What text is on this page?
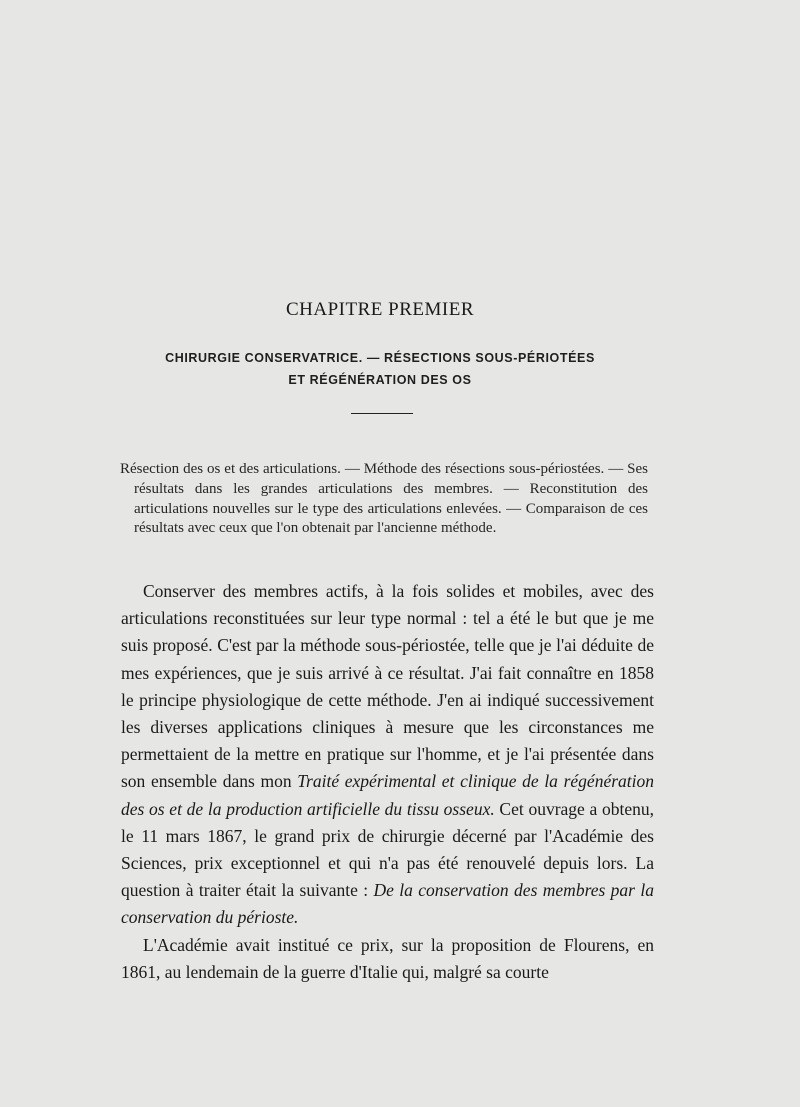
CHAPITRE PREMIER
CHIRURGIE CONSERVATRICE. — RÉSECTIONS SOUS-PÉRIOTÉES
ET RÉGÉNÉRATION DES OS

Résection des os et des articulations. — Méthode des résections sous-périostées. — Ses résultats dans les grandes articulations des membres. — Reconstitution des articulations nouvelles sur le type des articulations enlevées. — Comparaison de ces résultats avec ceux que l'on obtenait par l'ancienne méthode.

Conserver des membres actifs, à la fois solides et mobiles, avec des articulations reconstituées sur leur type normal : tel a été le but que je me suis proposé. C'est par la méthode sous-périostée, telle que je l'ai déduite de mes expériences, que je suis arrivé à ce résultat. J'ai fait connaître en 1858 le principe physiologique de cette méthode. J'en ai indiqué successivement les diverses applications cliniques à mesure que les circonstances me permettaient de la mettre en pratique sur l'homme, et je l'ai présentée dans son ensemble dans mon Traité expérimental et clinique de la régénération des os et de la production artificielle du tissu osseux. Cet ouvrage a obtenu, le 11 mars 1867, le grand prix de chirurgie décerné par l'Académie des Sciences, prix exceptionnel et qui n'a pas été renouvelé depuis lors. La question à traiter était la suivante : De la conservation des membres par la conservation du périoste.

L'Académie avait institué ce prix, sur la proposition de Flourens, en 1861, au lendemain de la guerre d'Italie qui, malgré sa courte
